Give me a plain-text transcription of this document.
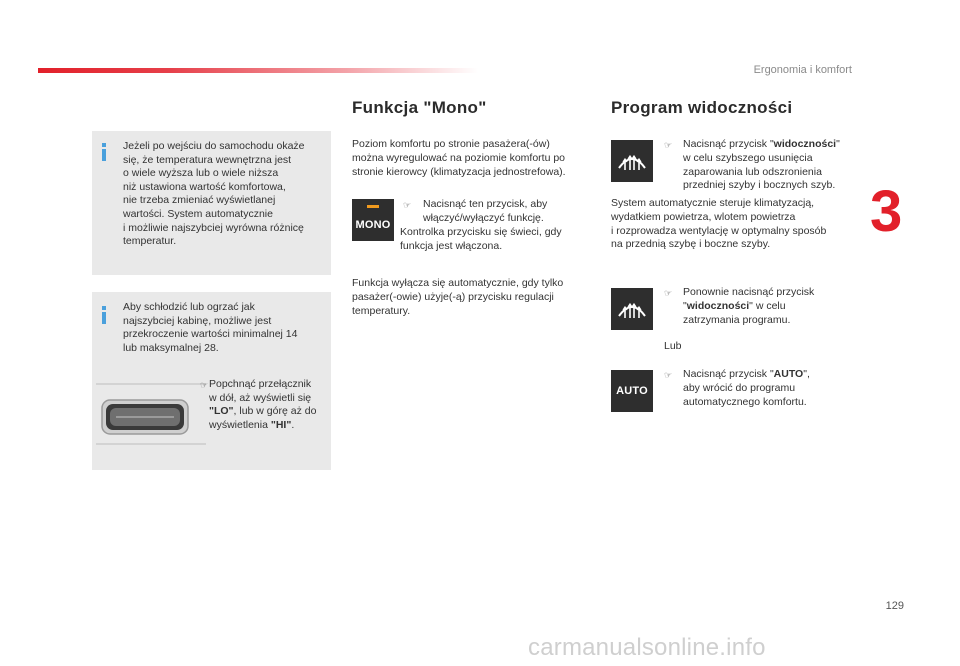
Ergonomia i komfort
3
Jeżeli po wejściu do samochodu okaże
się, że temperatura wewnętrzna jest
o wiele wyższa lub o wiele niższa
niż ustawiona wartość komfortowa,
nie trzeba zmieniać wyświetlanej
wartości. System automatycznie
i możliwie najszybciej wyrówna różnicę
temperatur.
Aby schłodzić lub ogrzać jak
najszybciej kabinę, możliwe jest
przekroczenie wartości minimalnej 14
lub maksymalnej 28.
☞ Popchnąć przełącznik
w dół, aż wyświetli się
"LO", lub w górę aż do
wyświetlenia "HI".
Funkcja "Mono"
Poziom komfortu po stronie pasażera(-ów)
można wyregulować na poziomie komfortu po
stronie kierowcy (klimatyzacja jednostrefowa).
MONO
☞ Nacisnąć ten przycisk, aby
włączyć/wyłączyć funkcję.
Kontrolka przycisku się świeci, gdy
funkcja jest włączona.
Funkcja wyłącza się automatycznie, gdy tylko
pasażer(-owie) użyje(-ą) przycisku regulacji
temperatury.
Program widoczności
☞ Nacisnąć przycisk "widoczności"
w celu szybszego usunięcia
zaparowania lub odszronienia
przedniej szyby i bocznych szyb.
System automatycznie steruje klimatyzacją,
wydatkiem powietrza, wlotem powietrza
i rozprowadza wentylację w optymalny sposób
na przednią szybę i boczne szyby.
☞ Ponownie nacisnąć przycisk
"widoczności" w celu
zatrzymania programu.
Lub
AUTO
☞ Nacisnąć przycisk "AUTO",
aby wrócić do programu
automatycznego komfortu.
129
carmanualsonline.info
